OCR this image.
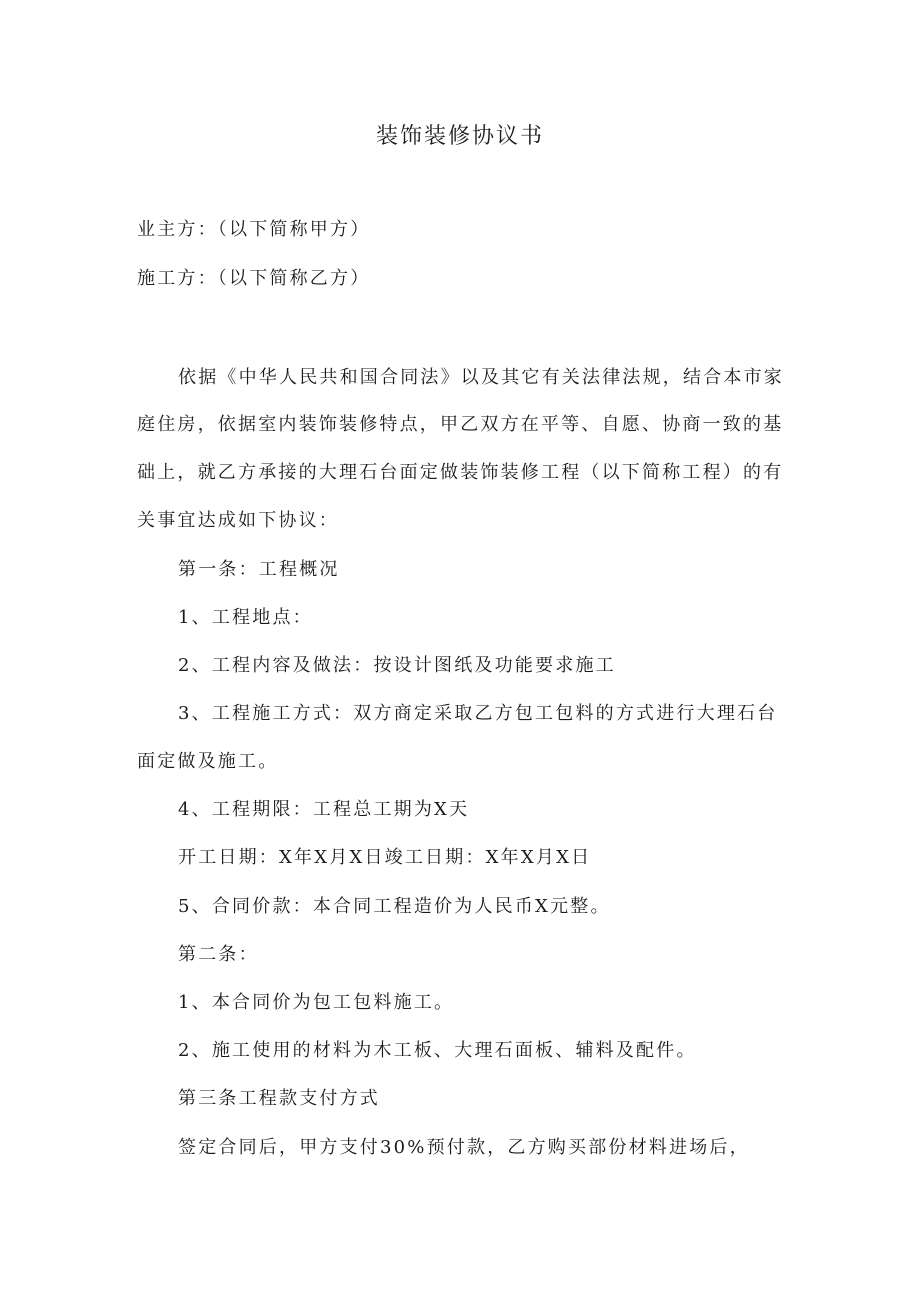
装饰装修协议书
业主方：（以下简称甲方）
施工方：（以下简称乙方）
依据《中华人民共和国合同法》以及其它有关法律法规，结合本市家
庭住房，依据室内装饰装修特点，甲乙双方在平等、自愿、协商一致的基
础上，就乙方承接的大理石台面定做装饰装修工程（以下简称工程）的有
关事宜达成如下协议：
第一条：工程概况
1、工程地点：
2、工程内容及做法：按设计图纸及功能要求施工
3、工程施工方式：双方商定采取乙方包工包料的方式进行大理石台
面定做及施工。
4、工程期限：工程总工期为X天
开工日期：X年X月X日竣工日期：X年X月X日
5、合同价款：本合同工程造价为人民币X元整。
第二条：
1、本合同价为包工包料施工。
2、施工使用的材料为木工板、大理石面板、辅料及配件。
第三条工程款支付方式
签定合同后，甲方支付30%预付款，乙方购买部份材料进场后，
